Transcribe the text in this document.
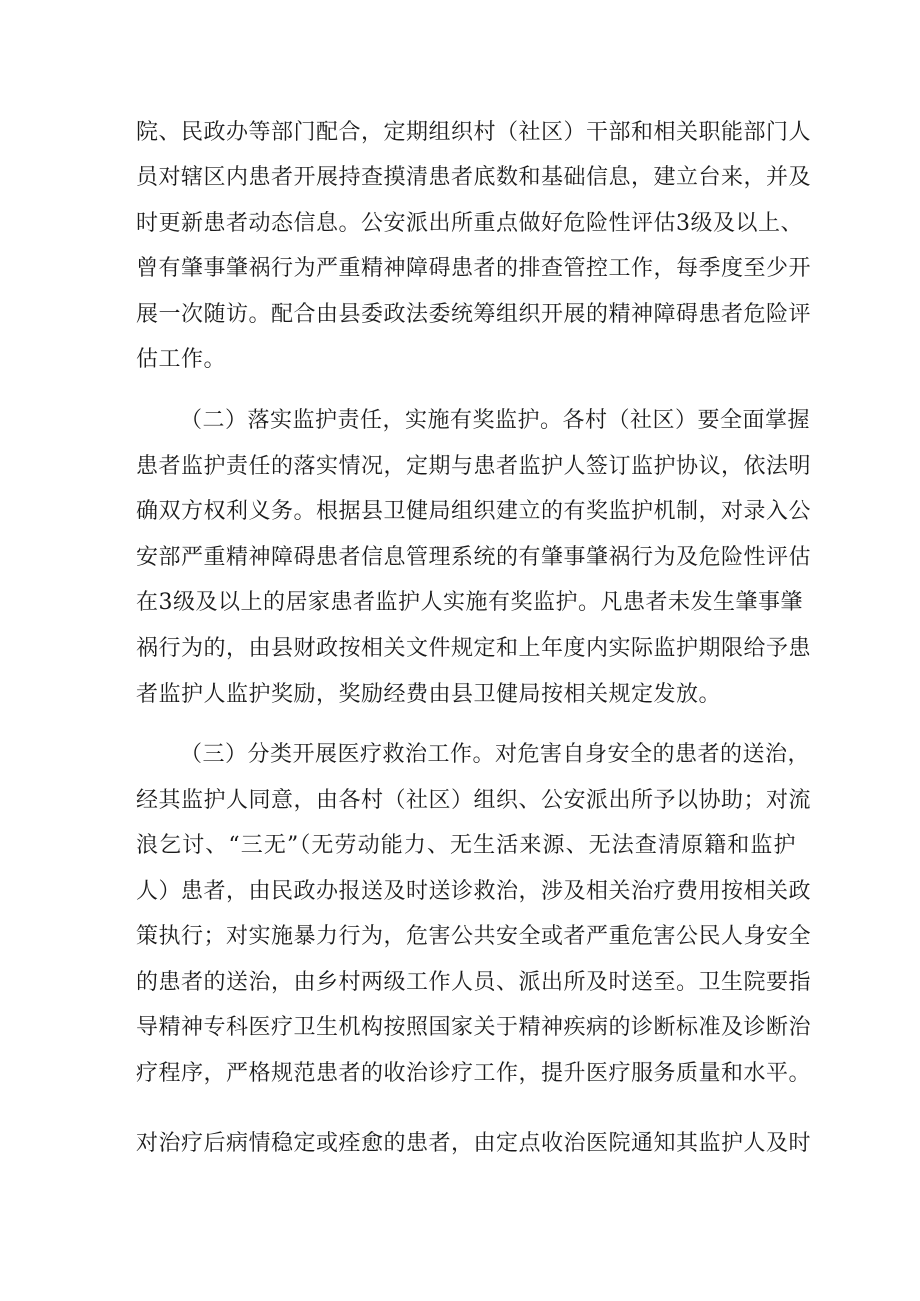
院、民政办等部门配合，定期组织村（社区）干部和相关职能部门人
员对辖区内患者开展持查摸清患者底数和基础信息，建立台来，并及
时更新患者动态信息。公安派出所重点做好危险性评估3级及以上、
曾有肇事肇祸行为严重精神障碍患者的排查管控工作，每季度至少开
展一次随访。配合由县委政法委统筹组织开展的精神障碍患者危险评
估工作。
（二）落实监护责任，实施有奖监护。各村（社区）要全面掌握
患者监护责任的落实情况，定期与患者监护人签订监护协议，依法明
确双方权利义务。根据县卫健局组织建立的有奖监护机制，对录入公
安部严重精神障碍患者信息管理系统的有肇事肇祸行为及危险性评估
在3级及以上的居家患者监护人实施有奖监护。凡患者未发生肇事肇
祸行为的，由县财政按相关文件规定和上年度内实际监护期限给予患
者监护人监护奖励，奖励经费由县卫健局按相关规定发放。
（三）分类开展医疗救治工作。对危害自身安全的患者的送治，
经其监护人同意，由各村（社区）组织、公安派出所予以协助；对流
浪乞讨、“三无”（无劳动能力、无生活来源、无法查清原籍和监护
人）患者，由民政办报送及时送诊救治，涉及相关治疗费用按相关政
策执行；对实施暴力行为，危害公共安全或者严重危害公民人身安全
的患者的送治，由乡村两级工作人员、派出所及时送至。卫生院要指
导精神专科医疗卫生机构按照国家关于精神疾病的诊断标准及诊断治
疗程序，严格规范患者的收治诊疗工作，提升医疗服务质量和水平。
对治疗后病情稳定或痊愈的患者，由定点收治医院通知其监护人及时
